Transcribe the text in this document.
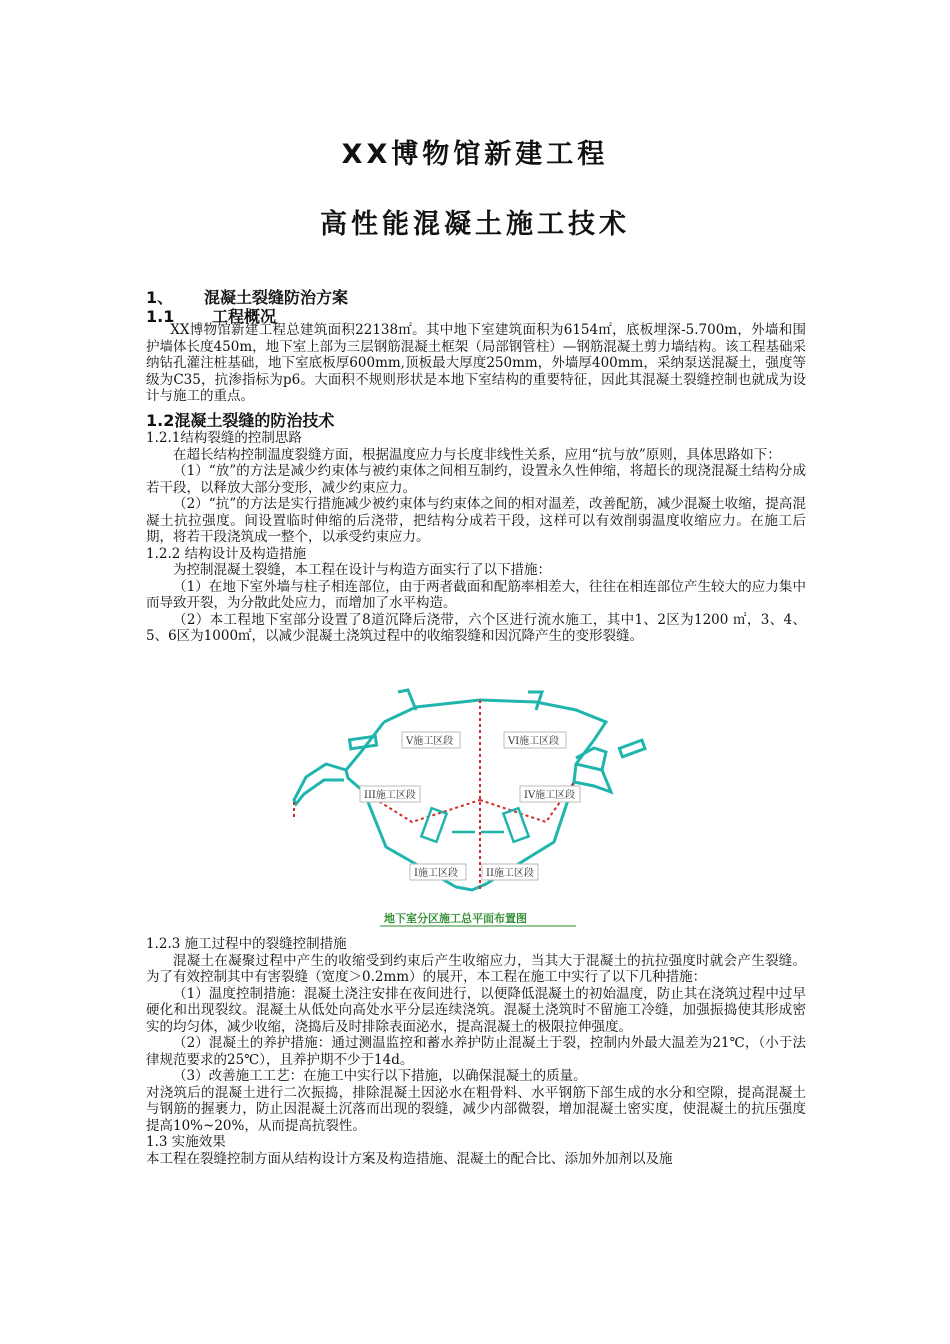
XX博物馆新建工程
高性能混凝土施工技术
1、 混凝土裂缝防治方案
1.1 工程概况

XX博物馆新建工程总建筑面积22138㎡。其中地下室建筑面积为6154㎡，底板埋深-5.700m，外墙和围护墙体长度450m，地下室上部为三层钢筋混凝土框架（局部钢管柱）—钢筋混凝土剪力墙结构。该工程基础采纳钻孔灌注桩基础，地下室底板厚600mm,顶板最大厚度250mm，外墙厚400mm，采纳泵送混凝土，强度等级为C35，抗渗指标为p6。大面积不规则形状是本地下室结构的重要特征，因此其混凝土裂缝控制也就成为设计与施工的重点。

1.2混凝土裂缝的防治技术

1.2.1结构裂缝的控制思路

在超长结构控制温度裂缝方面，根据温度应力与长度非线性关系，应用“抗与放”原则，具体思路如下：

（1）“放”的方法是减少约束体与被约束体之间相互制约，设置永久性伸缩，将超长的现浇混凝土结构分成若干段，以释放大部分变形，减少约束应力。

（2）“抗”的方法是实行措施减少被约束体与约束体之间的相对温差，改善配筋，减少混凝土收缩，提高混凝土抗拉强度。间设置临时伸缩的后浇带，把结构分成若干段，这样可以有效削弱温度收缩应力。在施工后期，将若干段浇筑成一整个，以承受约束应力。

1.2.2 结构设计及构造措施

为控制混凝土裂缝，本工程在设计与构造方面实行了以下措施：

（1）在地下室外墙与柱子相连部位，由于两者截面和配筋率相差大，往往在相连部位产生较大的应力集中而导致开裂，为分散此处应力，而增加了水平构造。

（2）本工程地下室部分设置了8道沉降后浇带，六个区进行流水施工，其中1、2区为1200 ㎡，3、4、5、6区为1000㎡，以减少混凝土浇筑过程中的收缩裂缝和因沉降产生的变形裂缝。

V施工区段	VI施工区段
III施工区段	IV施工区段
I施工区段	II施工区段
地下室分区施工总平面布置图

1.2.3 施工过程中的裂缝控制措施

混凝土在凝聚过程中产生的收缩受到约束后产生收缩应力，当其大于混凝土的抗拉强度时就会产生裂缝。为了有效控制其中有害裂缝（宽度＞0.2mm）的展开，本工程在施工中实行了以下几种措施：

（1）温度控制措施：混凝土浇注安排在夜间进行，以便降低混凝土的初始温度，防止其在浇筑过程中过早硬化和出现裂纹。混凝土从低处向高处水平分层连续浇筑。混凝土浇筑时不留施工冷缝，加强振捣使其形成密实的均匀体，减少收缩，浇捣后及时排除表面泌水，提高混凝土的极限拉伸强度。

（2）混凝土的养护措施：通过测温监控和蓄水养护防止混凝土于裂，控制内外最大温差为21℃，（小于法律规范要求的25℃），且养护期不少于14d。

（3）改善施工工艺：在施工中实行以下措施，以确保混凝土的质量。

对浇筑后的混凝土进行二次振捣，排除混凝土因泌水在粗骨料、水平钢筋下部生成的水分和空隙，提高混凝土与钢筋的握裹力，防止因混凝土沉落而出现的裂缝，减少内部微裂，增加混凝土密实度，使混凝土的抗压强度提高10%~20%，从而提高抗裂性。

1.3 实施效果

本工程在裂缝控制方面从结构设计方案及构造措施、混凝土的配合比、添加外加剂以及施
